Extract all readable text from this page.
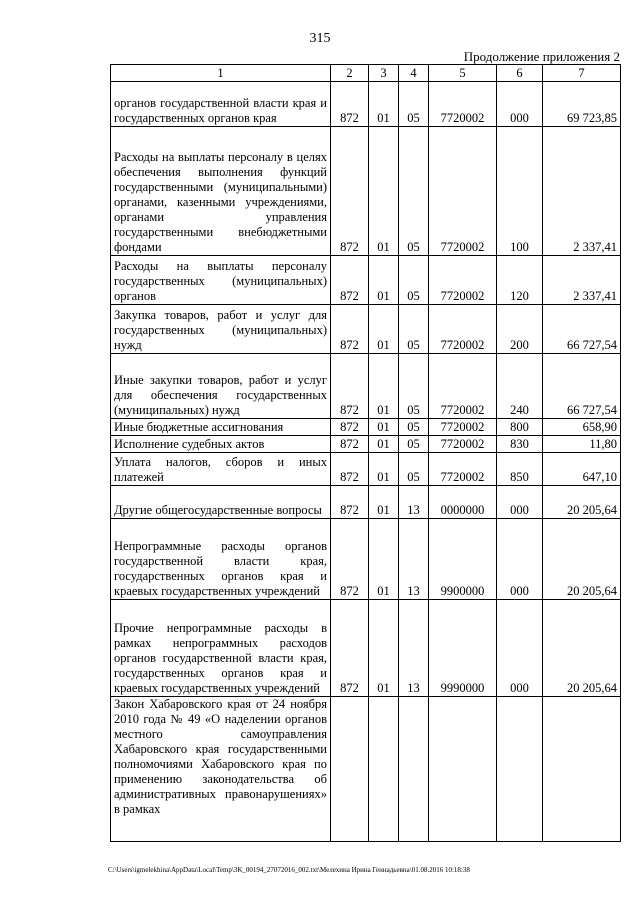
315
Продолжение приложения 2
1	2	3	4	5	6	7

органов государственной власти края и государственных органов края	872	01	05	7720002	000	69 723,85

Расходы на выплаты персоналу в целях обеспечения выполнения функций государственными (муниципальными) органами, казенными учреждениями, органами управления государственными внебюджетными фондами	872	01	05	7720002	100	2 337,41

Расходы на выплаты персоналу государственных (муниципальных) органов	872	01	05	7720002	120	2 337,41

Закупка товаров, работ и услуг для государственных (муниципальных) нужд	872	01	05	7720002	200	66 727,54

Иные закупки товаров, работ и услуг для обеспечения государственных (муниципальных) нужд	872	01	05	7720002	240	66 727,54

Иные бюджетные ассигнования	872	01	05	7720002	800	658,90

Исполнение судебных актов	872	01	05	7720002	830	11,80

Уплата налогов, сборов и иных платежей	872	01	05	7720002	850	647,10

Другие общегосударственные вопросы	872	01	13	0000000	000	20 205,64

Непрограммные расходы органов государственной власти края, государственных органов края и краевых государственных учреждений	872	01	13	9900000	000	20 205,64

Прочие непрограммные расходы в рамках непрограммных расходов органов государственной власти края, государственных органов края и краевых государственных учреждений	872	01	13	9990000	000	20 205,64

Закон Хабаровского края от 24 ноября 2010 года № 49 «О наделении органов местного самоуправления Хабаровского края государственными полномочиями Хабаровского края по применению законодательства об административных правонарушениях» в рамках						

C:\Users\igmelekhina\AppData\Local\Temp\3K_00194_27072016_002.txt\Мелехина Ирина Геннадьевна\01.08.2016 10:18:38
